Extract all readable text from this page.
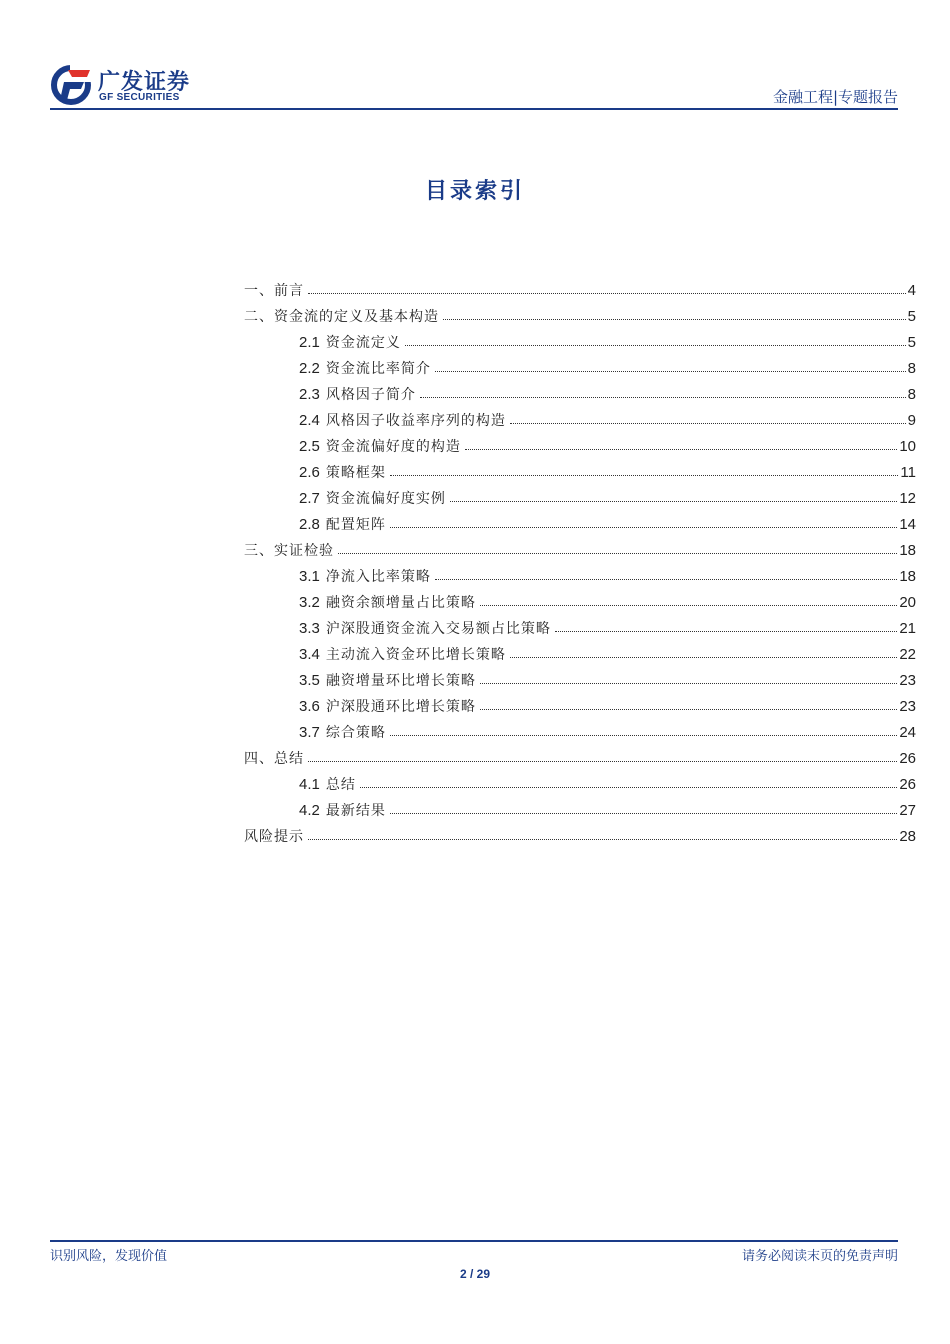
广发证券
GF SECURITIES	金融工程|专题报告
目录索引
一、前言	4
二、资金流的定义及基本构造	5
2.1 资金流定义	5
2.2 资金流比率简介	8
2.3 风格因子简介	8
2.4 风格因子收益率序列的构造	9
2.5 资金流偏好度的构造	10
2.6 策略框架	11
2.7 资金流偏好度实例	12
2.8 配置矩阵	14
三、实证检验	18
3.1 净流入比率策略	18
3.2 融资余额增量占比策略	20
3.3 沪深股通资金流入交易额占比策略	21
3.4 主动流入资金环比增长策略	22
3.5 融资增量环比增长策略	23
3.6 沪深股通环比增长策略	23
3.7 综合策略	24
四、总结	26
4.1 总结	26
4.2 最新结果	27
风险提示	28
识别风险，发现价值	请务必阅读末页的免责声明
2 / 29
